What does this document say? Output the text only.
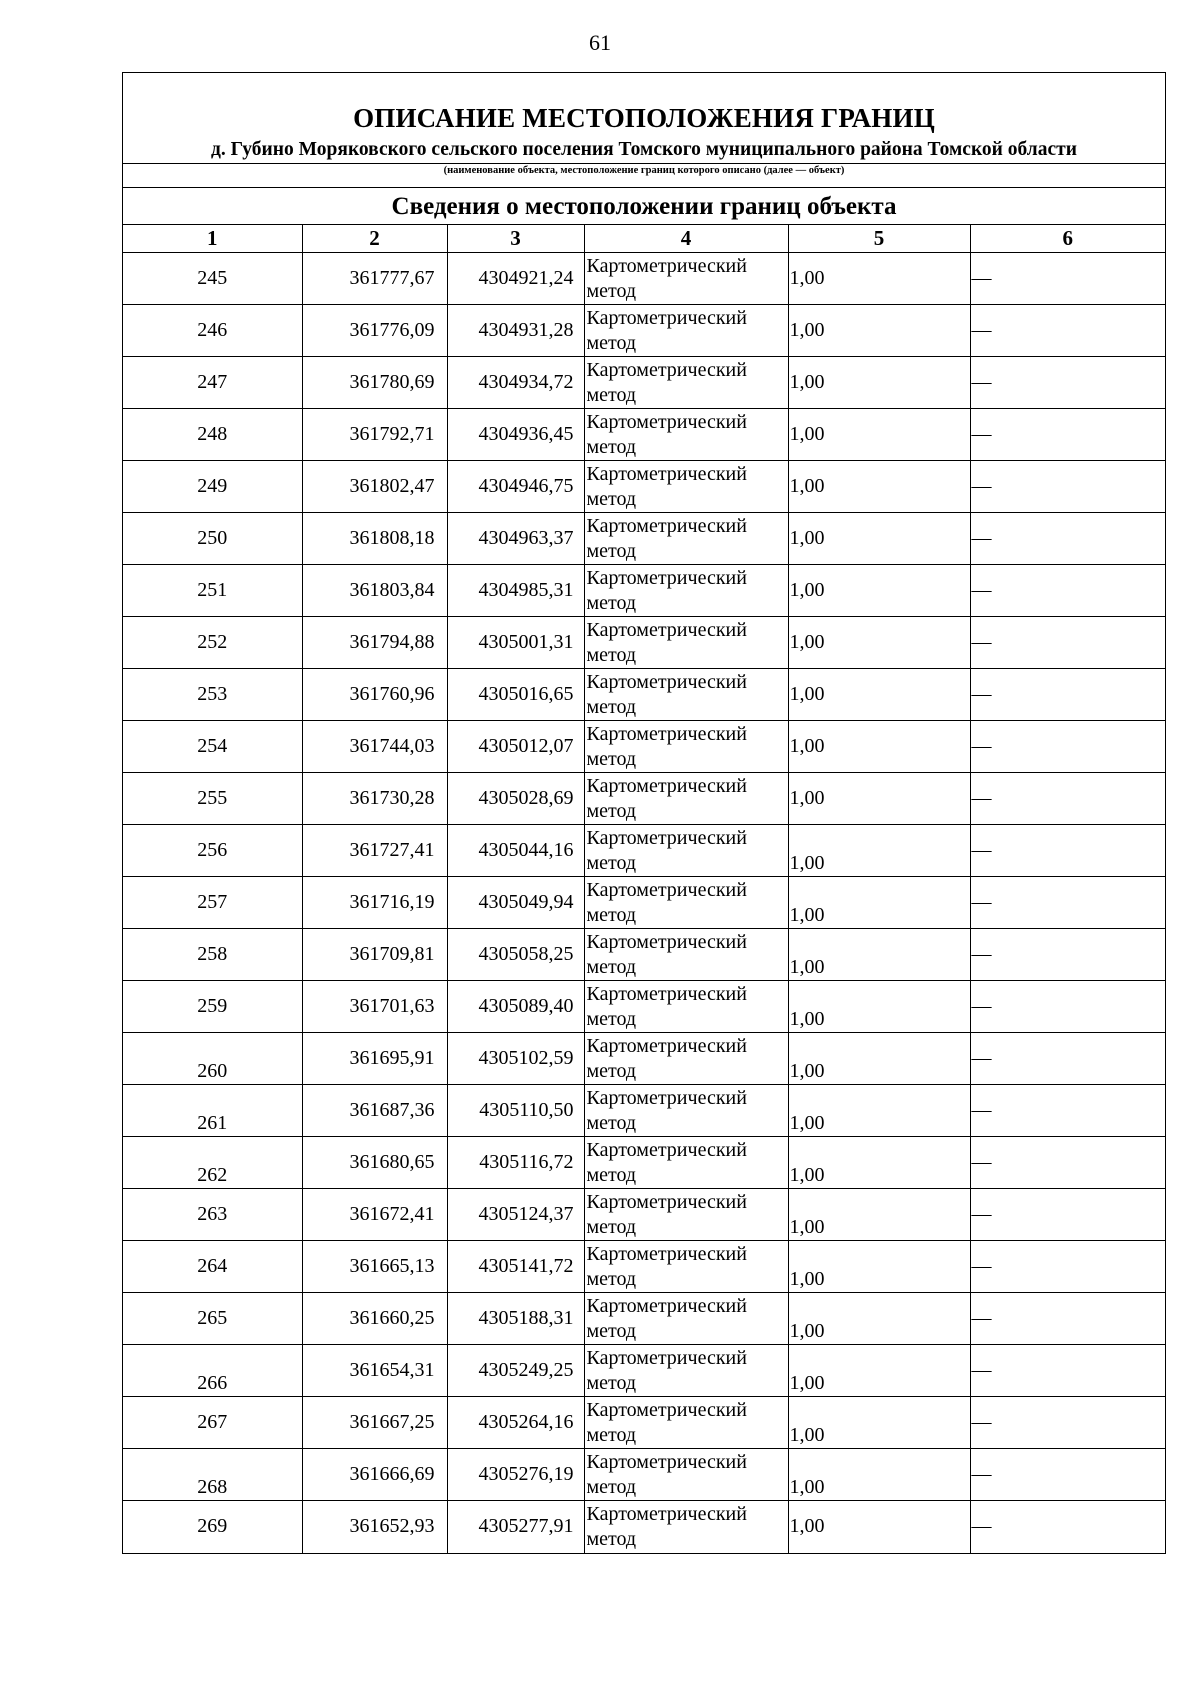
61
ОПИСАНИЕ МЕСТОПОЛОЖЕНИЯ ГРАНИЦ
д. Губино Моряковского сельского поселения Томского муниципального района Томской области
(наименование объекта, местоположение границ которого описано (далее — объект)
Сведения о местоположении границ объекта
1	2	3	4	5	6
245	361777,67	4304921,24	Картометрический
метод	1,00	—
246	361776,09	4304931,28	Картометрический
метод	1,00	—
247	361780,69	4304934,72	Картометрический
метод	1,00	—
248	361792,71	4304936,45	Картометрический
метод	1,00	—
249	361802,47	4304946,75	Картометрический
метод	1,00	—
250	361808,18	4304963,37	Картометрический
метод	1,00	—
251	361803,84	4304985,31	Картометрический
метод	1,00	—
252	361794,88	4305001,31	Картометрический
метод	1,00	—
253	361760,96	4305016,65	Картометрический
метод	1,00	—
254	361744,03	4305012,07	Картометрический
метод	1,00	—
255	361730,28	4305028,69	Картометрический
метод	1,00	—
256	361727,41	4305044,16	Картометрический
метод	1,00	—
257	361716,19	4305049,94	Картометрический
метод	1,00	—
258	361709,81	4305058,25	Картометрический
метод	1,00	—
259	361701,63	4305089,40	Картометрический
метод	1,00	—
260	361695,91	4305102,59	Картометрический
метод	1,00	—
261	361687,36	4305110,50	Картометрический
метод	1,00	—
262	361680,65	4305116,72	Картометрический
метод	1,00	—
263	361672,41	4305124,37	Картометрический
метод	1,00	—
264	361665,13	4305141,72	Картометрический
метод	1,00	—
265	361660,25	4305188,31	Картометрический
метод	1,00	—
266	361654,31	4305249,25	Картометрический
метод	1,00	—
267	361667,25	4305264,16	Картометрический
метод	1,00	—
268	361666,69	4305276,19	Картометрический
метод	1,00	—
269	361652,93	4305277,91	Картометрический
метод	1,00	—
